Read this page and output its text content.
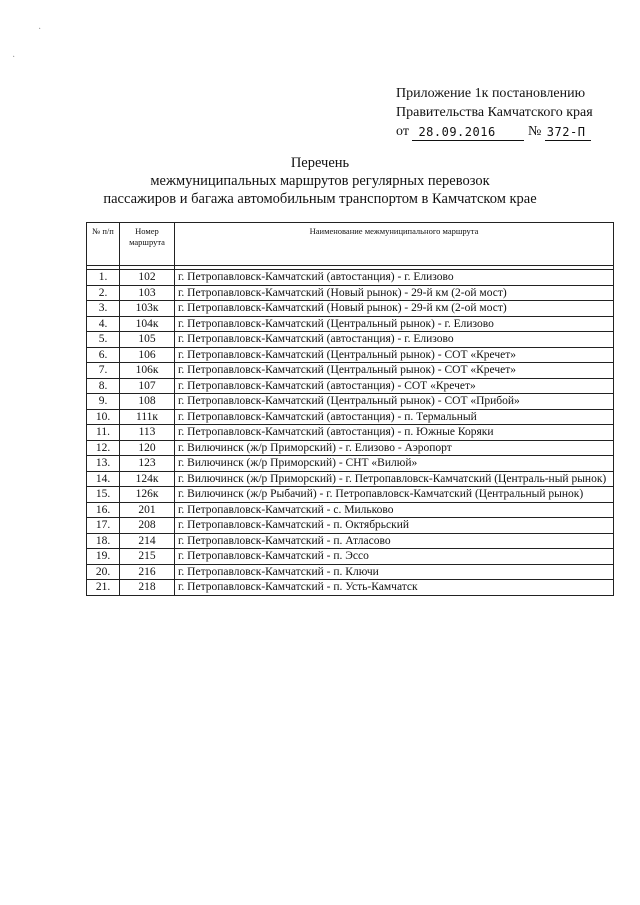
·
·
Приложение 1к постановлению
Правительства Камчатского края
от 28.09.2016 № 372-П
Перечень
межмуниципальных маршрутов регулярных перевозок
пассажиров и багажа автомобильным транспортом в Камчатском крае
№ п/п	Номер маршрута	Наименование межмуниципального маршрута

1.	102	г. Петропавловск-Камчатский (автостанция) - г. Елизово
2.	103	г. Петропавловск-Камчатский (Новый рынок) - 29-й км (2-ой мост)
3.	103к	г. Петропавловск-Камчатский (Новый рынок) - 29-й км (2-ой мост)
4.	104к	г. Петропавловск-Камчатский (Центральный рынок) - г. Елизово
5.	105	г. Петропавловск-Камчатский (автостанция) - г. Елизово
6.	106	г. Петропавловск-Камчатский (Центральный рынок) - СОТ «Кречет»
7.	106к	г. Петропавловск-Камчатский (Центральный рынок) - СОТ «Кречет»
8.	107	г. Петропавловск-Камчатский (автостанция) - СОТ «Кречет»
9.	108	г. Петропавловск-Камчатский (Центральный рынок) - СОТ «Прибой»
10.	111к	г. Петропавловск-Камчатский (автостанция) - п. Термальный
11.	113	г. Петропавловск-Камчатский (автостанция) - п. Южные Коряки
12.	120	г. Вилючинск (ж/р Приморский) - г. Елизово - Аэропорт
13.	123	г. Вилючинск (ж/р Приморский) - СНТ «Вилюй»
14.	124к	г. Вилючинск (ж/р Приморский) - г. Петропавловск-Камчатский (Централь-ный рынок)
15.	126к	г. Вилючинск (ж/р Рыбачий) - г. Петропавловск-Камчатский (Центральный рынок)
16.	201	г. Петропавловск-Камчатский - с. Мильково
17.	208	г. Петропавловск-Камчатский - п. Октябрьский
18.	214	г. Петропавловск-Камчатский - п. Атласово
19.	215	г. Петропавловск-Камчатский - п. Эссо
20.	216	г. Петропавловск-Камчатский - п. Ключи
21.	218	г. Петропавловск-Камчатский - п. Усть-Камчатск
